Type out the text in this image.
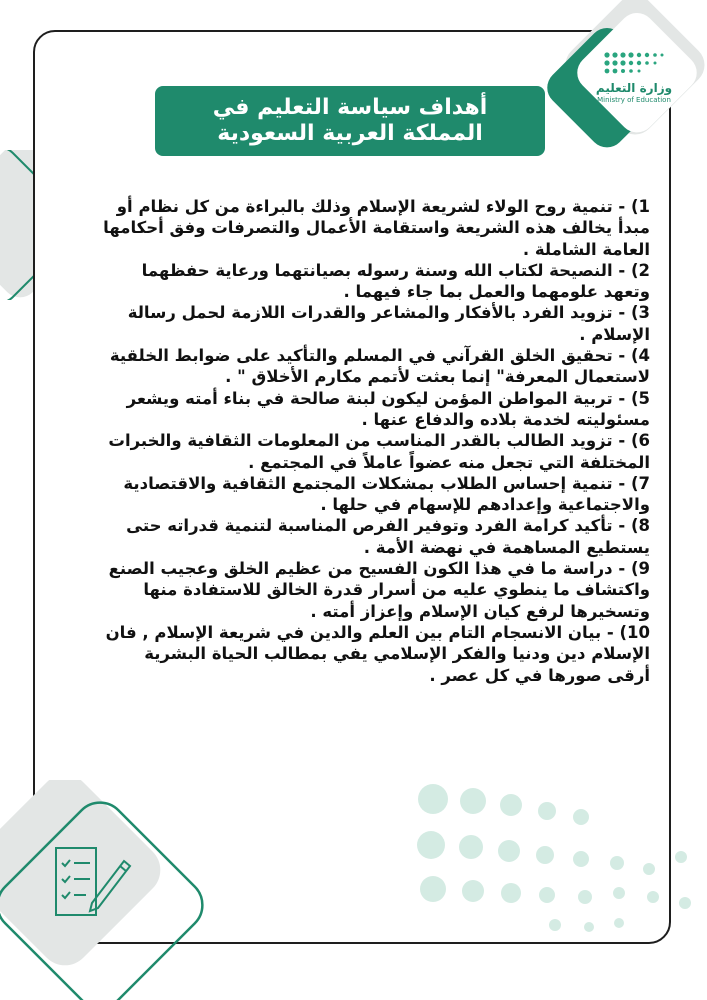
وزارة التعليم
Ministry of Education
أهداف سياسة التعليم في
المملكة العربية السعودية

1) - تنمية روح الولاء لشريعة الإسلام وذلك بالبراءة من كل نظام أو مبدأ يخالف هذه الشريعة واستقامة الأعمال والتصرفات وفق أحكامها العامة الشاملة .

2) - النصيحة لكتاب الله وسنة رسوله بصيانتهما ورعاية حفظهما وتعهد علومهما والعمل بما جاء فيهما .

3) - تزويد الفرد بالأفكار والمشاعر والقدرات اللازمة لحمل رسالة الإسلام .

4) - تحقيق الخلق القرآني في المسلم والتأكيد على ضوابط الخلقية لاستعمال المعرفة" إنما بعثت لأتمم مكارم الأخلاق " .

5) - تربية المواطن المؤمن ليكون لبنة صالحة في بناء أمته ويشعر مسئوليته لخدمة بلاده والدفاع عنها .

6) - تزويد الطالب بالقدر المناسب من المعلومات الثقافية والخبرات المختلفة التي تجعل منه عضواً عاملاً في المجتمع .

7) - تنمية إحساس الطلاب بمشكلات المجتمع الثقافية والاقتصادية والاجتماعية وإعدادهم للإسهام في حلها .

8) - تأكيد كرامة الفرد وتوفير الفرص المناسبة لتنمية قدراته حتى يستطيع المساهمة في نهضة الأمة .

9) - دراسة ما في هذا الكون الفسيح من عظيم الخلق وعجيب الصنع واكتشاف ما ينطوي عليه من أسرار قدرة الخالق للاستفادة منها وتسخيرها لرفع كيان الإسلام وإعزاز أمته .

10) - بيان الانسجام التام بين العلم والدين في شريعة الإسلام , فان الإسلام دين ودنيا والفكر الإسلامي يفي بمطالب الحياة البشرية أرقى صورها في كل عصر .
